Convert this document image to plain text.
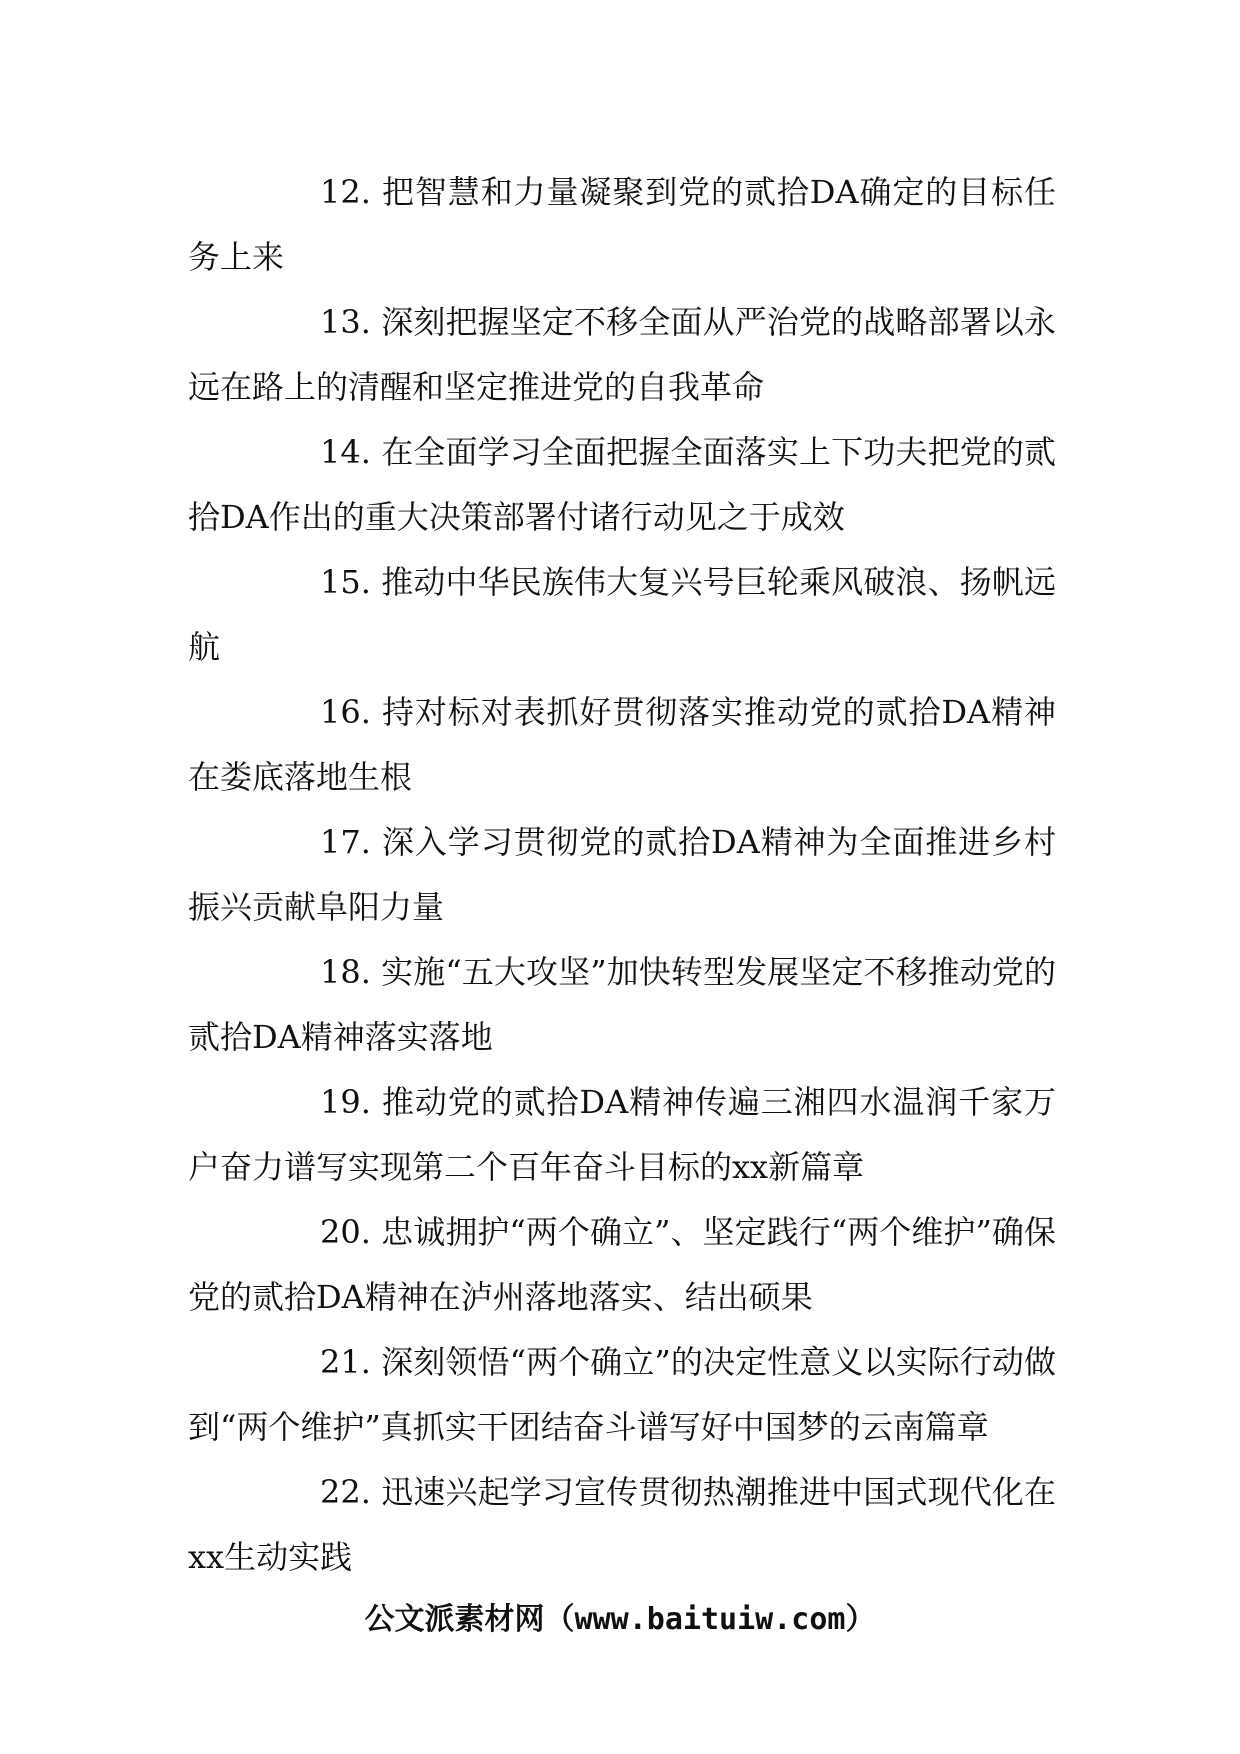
12. 把智慧和力量凝聚到党的贰拾DA确定的目标任务上来

13. 深刻把握坚定不移全面从严治党的战略部署以永远在路上的清醒和坚定推进党的自我革命

14. 在全面学习全面把握全面落实上下功夫把党的贰拾DA作出的重大决策部署付诸行动见之于成效

15. 推动中华民族伟大复兴号巨轮乘风破浪、扬帆远航

16. 持对标对表抓好贯彻落实推动党的贰拾DA精神在娄底落地生根

17. 深入学习贯彻党的贰拾DA精神为全面推进乡村振兴贡献阜阳力量

18. 实施“五大攻坚”加快转型发展坚定不移推动党的贰拾DA精神落实落地

19. 推动党的贰拾DA精神传遍三湘四水温润千家万户奋力谱写实现第二个百年奋斗目标的xx新篇章

20. 忠诚拥护“两个确立”、坚定践行“两个维护”确保党的贰拾DA精神在泸州落地落实、结出硕果

21. 深刻领悟“两个确立”的决定性意义以实际行动做到“两个维护”真抓实干团结奋斗谱写好中国梦的云南篇章

22. 迅速兴起学习宣传贯彻热潮推进中国式现代化在xx生动实践

公文派素材网（www.baituiw.com）
